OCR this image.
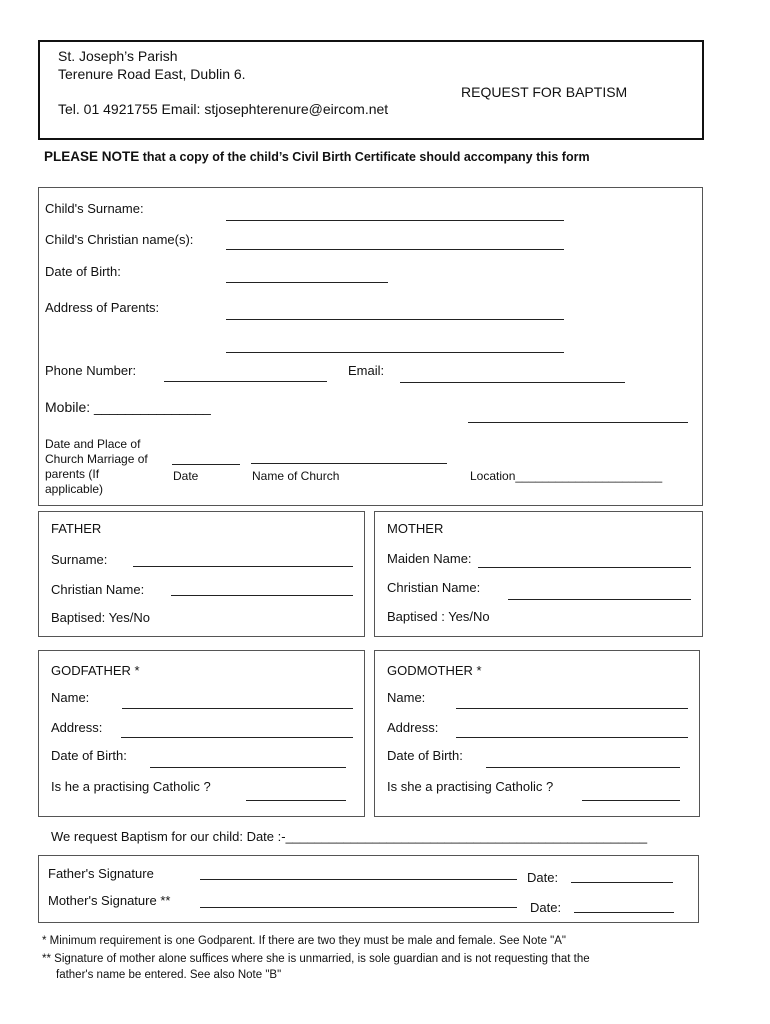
St. Joseph’s Parish
Terenure Road East, Dublin 6.
REQUEST FOR BAPTISM
Tel. 01 4921755 Email: stjosephterenure@eircom.net
PLEASE NOTE that a copy of the child’s Civil Birth Certificate should accompany this form
Child's Surname:
Child's Christian name(s):
Date of Birth:
Address of Parents:
Phone Number:	Email:
Mobile: _______________
Date and Place of
Church Marriage of
parents (If
applicable)
Date	Name of Church	Location______________________
FATHER
Surname:
Christian Name:
Baptised: Yes/No
MOTHER
Maiden Name:
Christian Name:
Baptised : Yes/No
GODFATHER *
Name:
Address:
Date of Birth:
Is he a practising Catholic ?
GODMOTHER *
Name:
Address:
Date of Birth:
Is she a practising Catholic ?
We request Baptism for our child: Date :-__________________________________________________
Father's Signature	Date:
Mother's Signature **	Date:
* Minimum requirement is one Godparent. If there are two they must be male and female. See Note "A"
** Signature of mother alone suffices where she is unmarried, is sole guardian and is not requesting that the
father's name be entered. See also Note "B"
